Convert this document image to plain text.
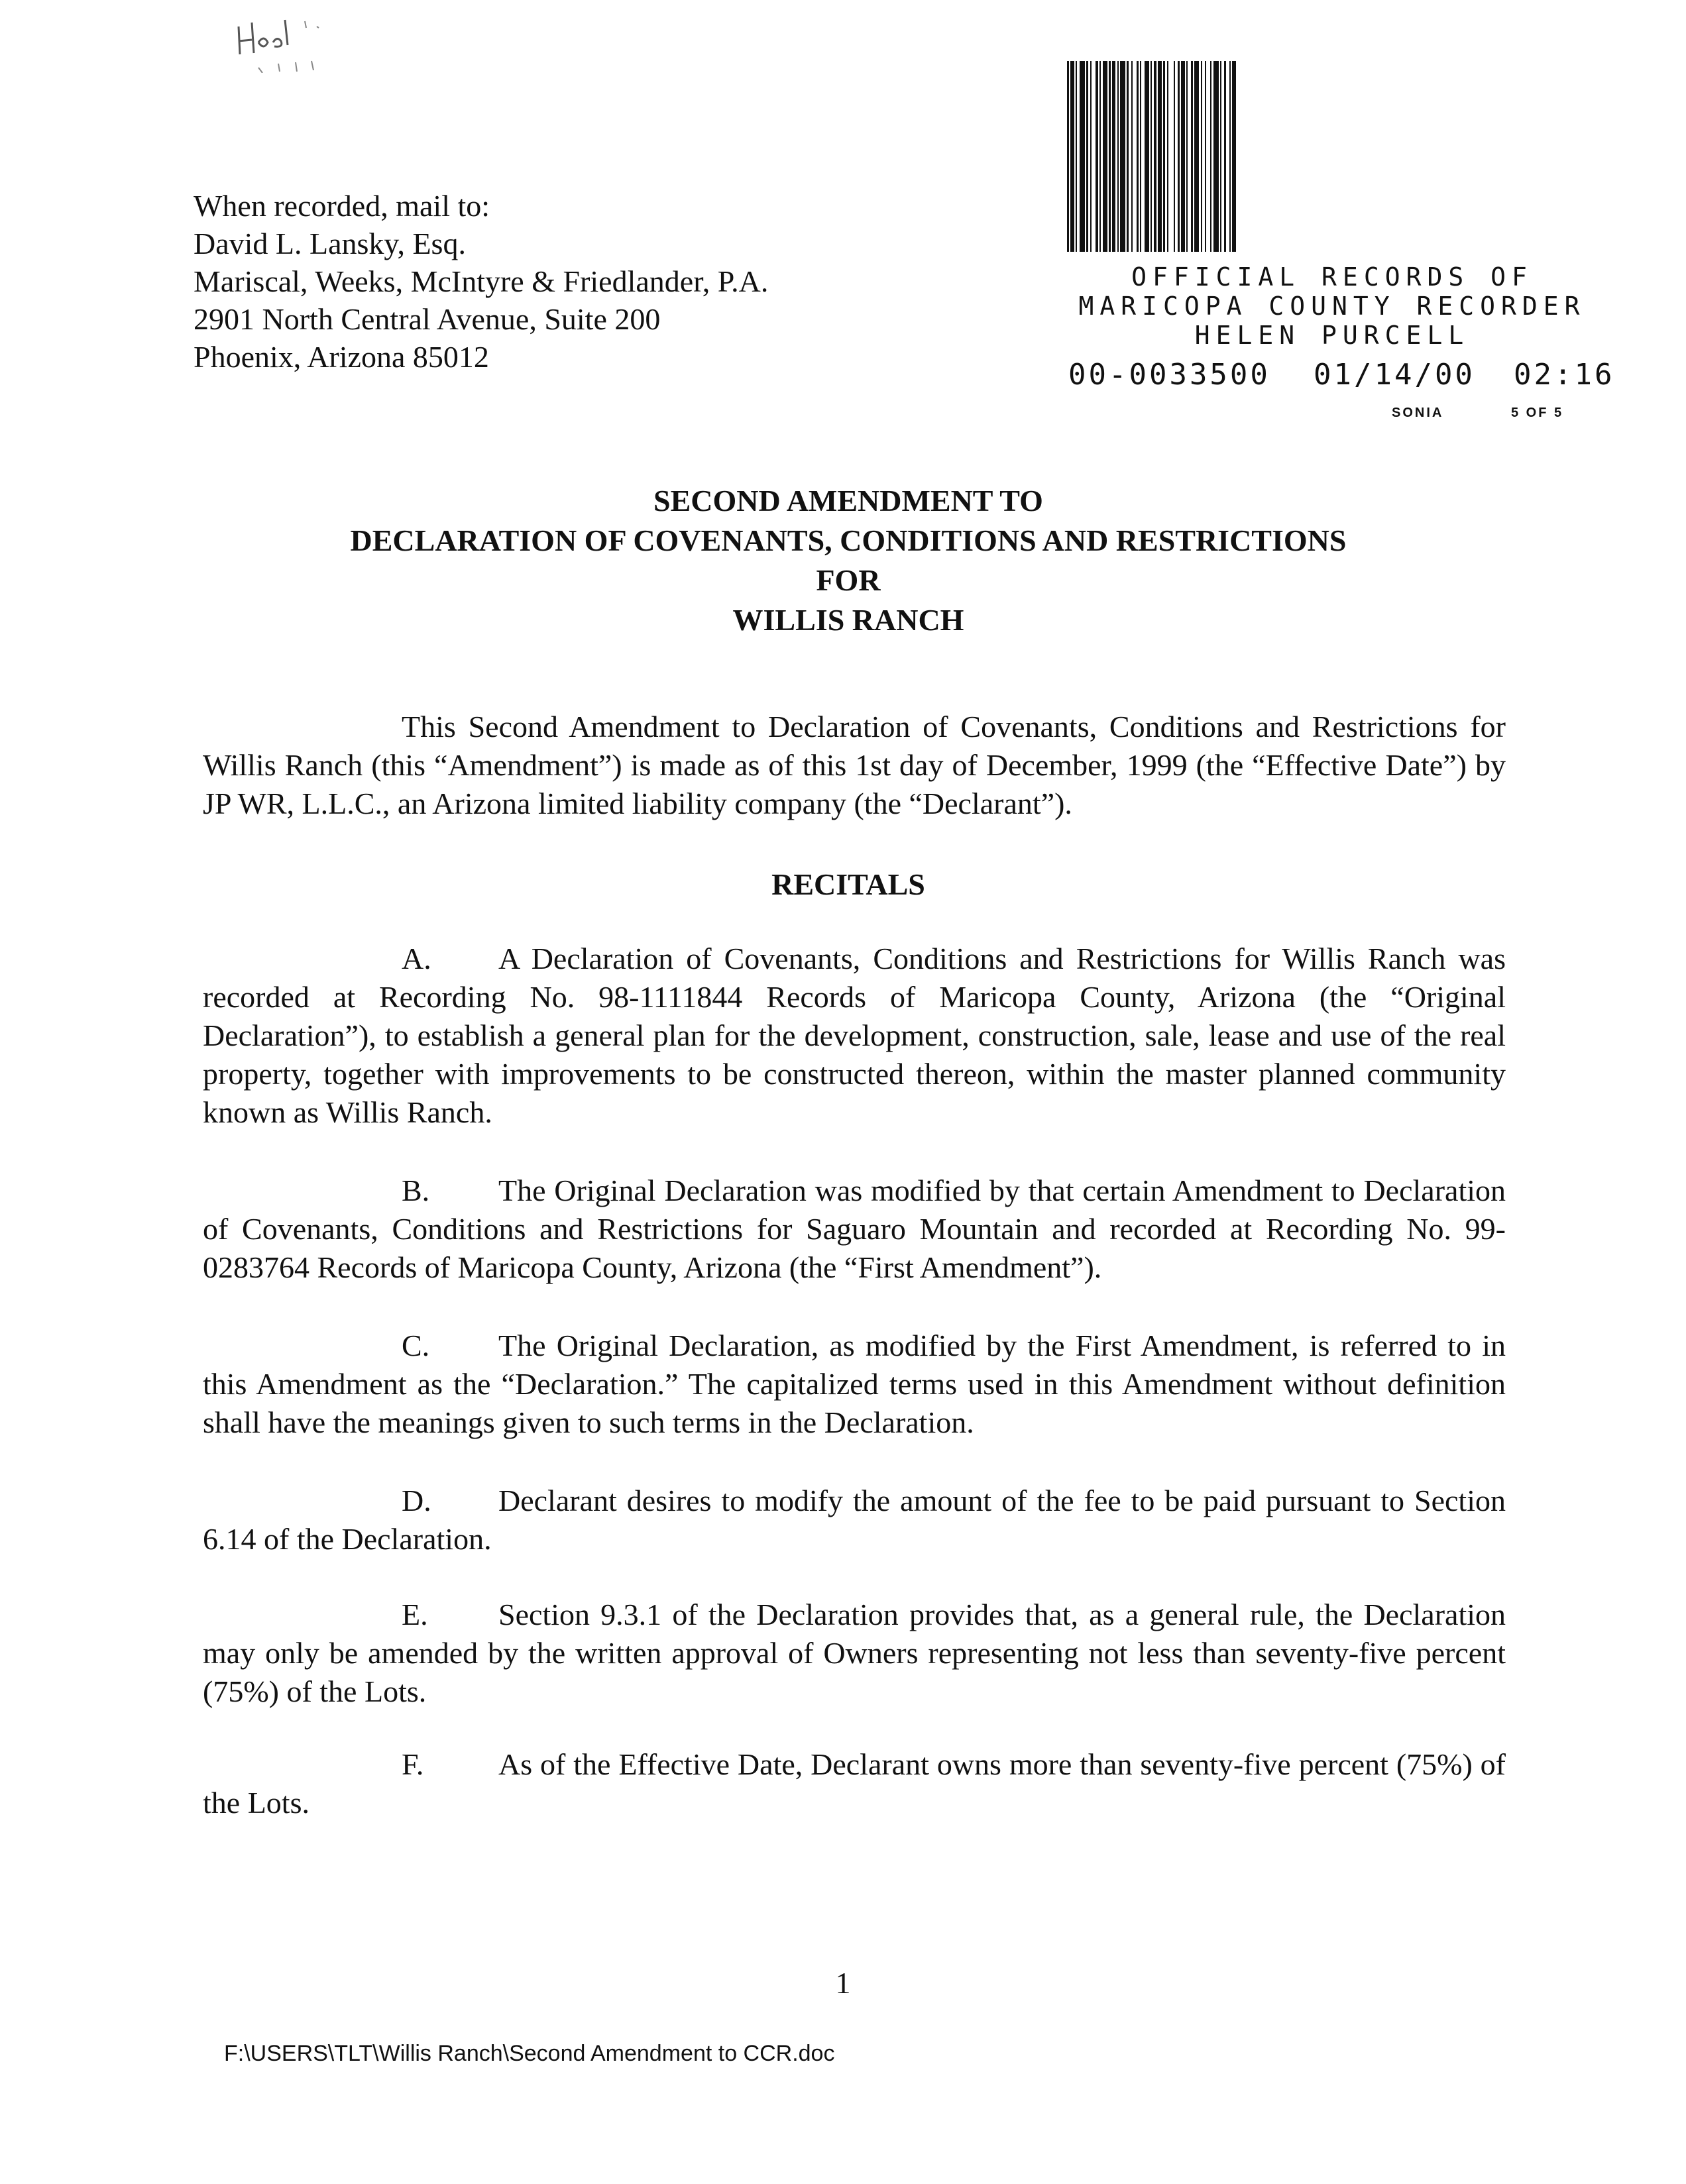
When recorded, mail to:
David L. Lansky, Esq.
Mariscal, Weeks, McIntyre & Friedlander, P.A.
2901 North Central Avenue, Suite 200
Phoenix, Arizona 85012
OFFICIAL RECORDS OF
MARICOPA COUNTY RECORDER
HELEN PURCELL
00-0033500 01/14/00 02:16
SONIA	5 OF 5
SECOND AMENDMENT TO
DECLARATION OF COVENANTS, CONDITIONS AND RESTRICTIONS
FOR
WILLIS RANCH
This Second Amendment to Declaration of Covenants, Conditions and Restrictions for Willis Ranch (this “Amendment”) is made as of this 1st day of December, 1999 (the “Effective Date”) by JP WR, L.L.C., an Arizona limited liability company (the “Declarant”).
RECITALS
A. A Declaration of Covenants, Conditions and Restrictions for Willis Ranch was recorded at Recording No. 98-1111844 Records of Maricopa County, Arizona (the “Original Declaration”), to establish a general plan for the development, construction, sale, lease and use of the real property, together with improvements to be constructed thereon, within the master planned community known as Willis Ranch.
B. The Original Declaration was modified by that certain Amendment to Declaration of Covenants, Conditions and Restrictions for Saguaro Mountain and recorded at Recording No. 99-0283764 Records of Maricopa County, Arizona (the “First Amendment”).
C. The Original Declaration, as modified by the First Amendment, is referred to in this Amendment as the “Declaration.” The capitalized terms used in this Amendment without definition shall have the meanings given to such terms in the Declaration.
D. Declarant desires to modify the amount of the fee to be paid pursuant to Section 6.14 of the Declaration.
E. Section 9.3.1 of the Declaration provides that, as a general rule, the Declaration may only be amended by the written approval of Owners representing not less than seventy-five percent (75%) of the Lots.
F. As of the Effective Date, Declarant owns more than seventy-five percent (75%) of the Lots.
1
F:\USERS\TLT\Willis Ranch\Second Amendment to CCR.doc
